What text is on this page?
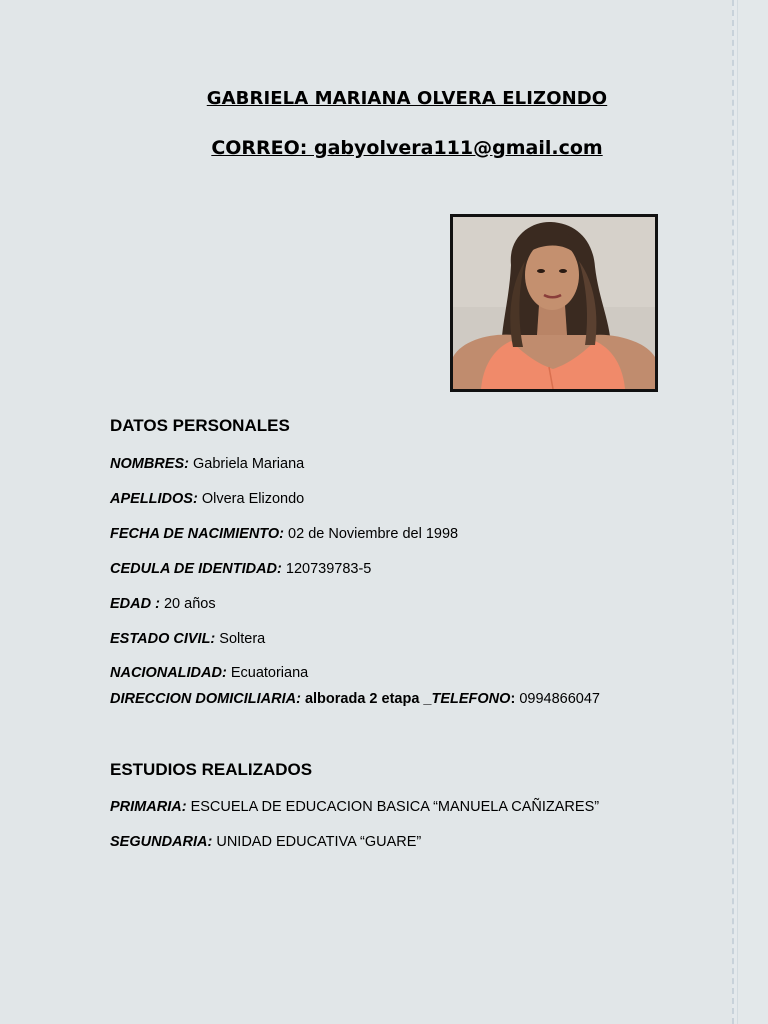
GABRIELA MARIANA OLVERA ELIZONDO
CORREO: gabyolvera111@gmail.com
DATOS PERSONALES
NOMBRES: Gabriela Mariana
APELLIDOS: Olvera Elizondo
FECHA DE NACIMIENTO: 02 de Noviembre del 1998
CEDULA DE IDENTIDAD: 120739783-5
EDAD : 20 años
ESTADO CIVIL: Soltera
NACIONALIDAD: Ecuatoriana
DIRECCION DOMICILIARIA: alborada 2 etapa _TELEFONO: 0994866047
ESTUDIOS REALIZADOS
PRIMARIA: ESCUELA DE EDUCACION BASICA “MANUELA CAÑIZARES”
SEGUNDARIA: UNIDAD EDUCATIVA “GUARE”
